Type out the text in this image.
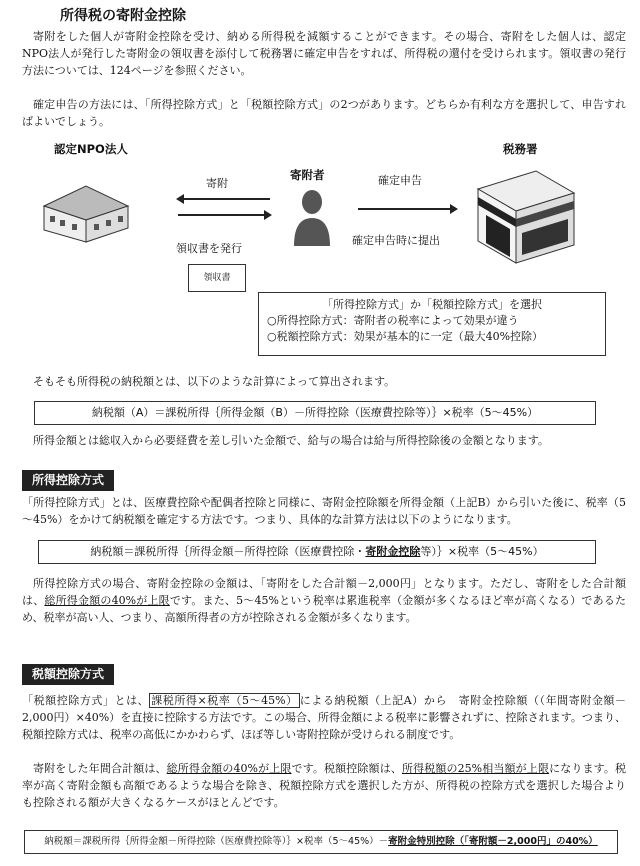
所得税の寄附金控除

寄附をした個人が寄附金控除を受け、納める所得税を減額することができます。その場合、寄附をした個人は、認定NPO法人が発行した寄附金の領収書を添付して税務署に確定申告をすれば、所得税の還付を受けられます。領収書の発行方法については、124ページを参照ください。

確定申告の方法には、「所得控除方式」と「税額控除方式」の2つがあります。どちらか有利な方を選択して、申告すればよいでしょう。

認定NPO法人
寄附
領収書を発行
領収書
寄附者	確定申告
確定申告時に提出
税務署
「所得控除方式」か「税額控除方式」を選択
○所得控除方式：寄附者の税率によって効果が違う
○税額控除方式：効果が基本的に一定（最大40%控除）

そもそも所得税の納税額とは、以下のような計算によって算出されます。

納税額（A）＝課税所得｛所得金額（B）－所得控除（医療費控除等）｝×税率（5～45%）

所得金額とは総収入から必要経費を差し引いた金額で、給与の場合は給与所得控除後の金額となります。

所得控除方式

「所得控除方式」とは、医療費控除や配偶者控除と同様に、寄附金控除額を所得金額（上記B）から引いた後に、税率（5～45%）をかけて納税額を確定する方法です。つまり、具体的な計算方法は以下のようになります。

納税額＝課税所得｛所得金額－所得控除（医療費控除・寄附金控除等）｝×税率（5～45%）

所得控除方式の場合、寄附金控除の金額は、「寄附をした合計額－2,000円」となります。ただし、寄附をした合計額は、総所得金額の40%が上限です。また、5～45%という税率は累進税率（金額が多くなるほど率が高くなる）であるため、税率が高い人、つまり、高額所得者の方が控除される金額が多くなります。

税額控除方式

「税額控除方式」とは、 課税所得×税率（5～45%） による納税額（上記A）から　寄附金控除額（（年間寄附金額－2,000円）×40%）を直接に控除する方法です。この場合、所得金額による税率に影響されずに、控除されます。つまり、税額控除方式は、税率の高低にかかわらず、ほぼ等しい寄附控除が受けられる制度です。

寄附をした年間合計額は、総所得金額の40%が上限です。税額控除額は、所得税額の25%相当額が上限になります。税率が高く寄附金額も高額であるような場合を除き、税額控除方式を選択した方が、所得税の控除方式を選択した場合よりも控除される額が大きくなるケースがほとんどです。

納税額＝課税所得｛所得金額－所得控除（医療費控除等）｝×税率（5～45%）－寄附金特別控除（「寄附額－2,000円」の40%）
